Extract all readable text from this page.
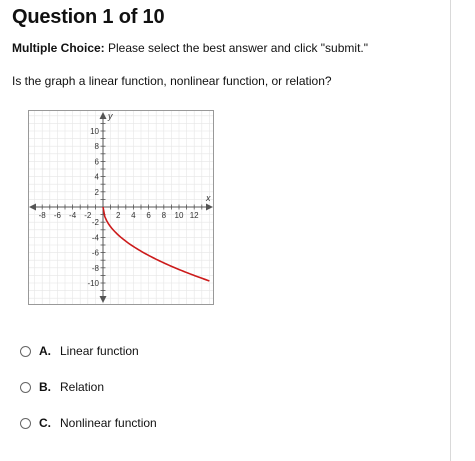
Question 1 of 10
Multiple Choice: Please select the best answer and click "submit."
Is the graph a linear function, nonlinear function, or relation?
-8 -6 -4 -2	2 4 6 8 10 12
10
8
6
4
2
-2
-4
-6
-8
-10
x
y
A. Linear function
B. Relation
C. Nonlinear function
